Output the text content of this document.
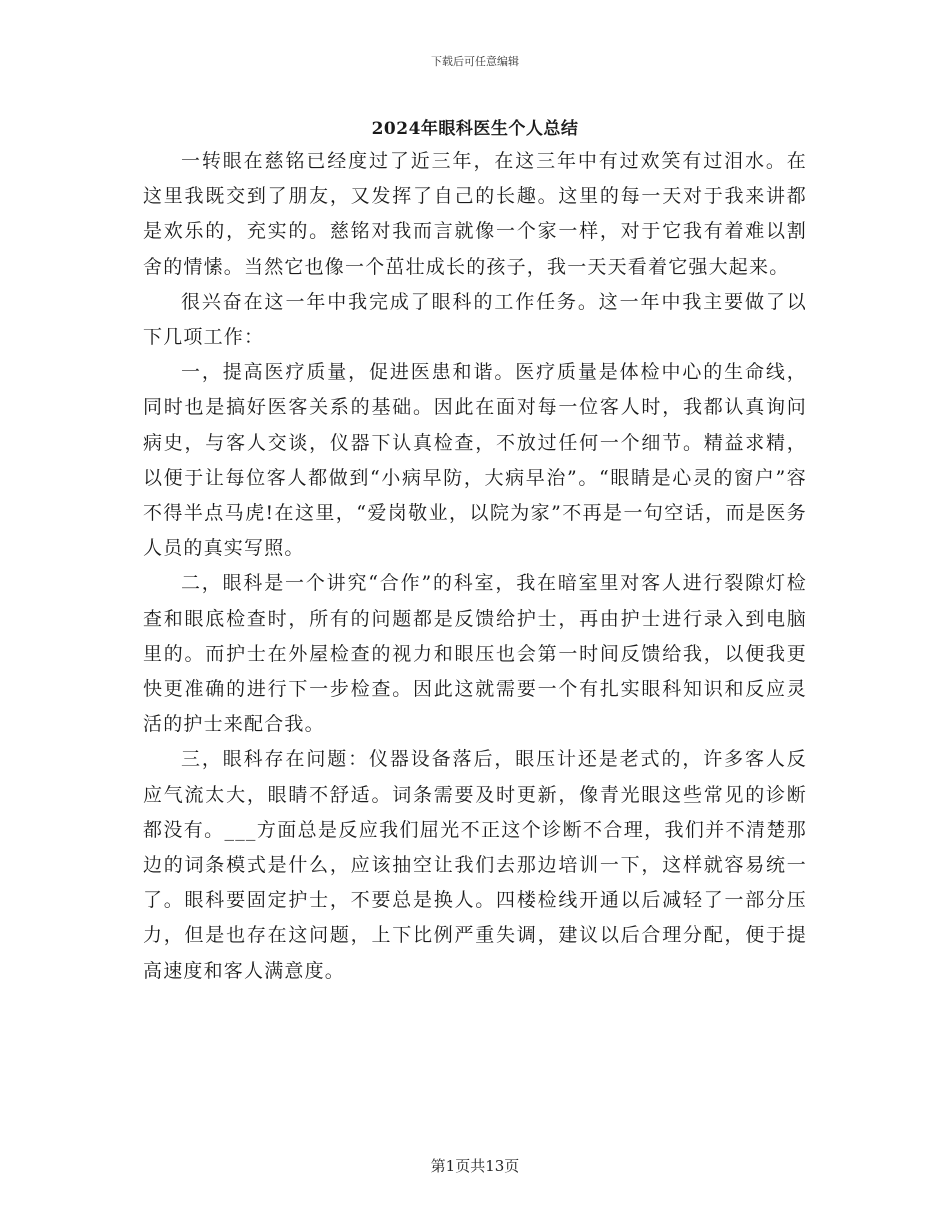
下载后可任意编辑
2024年眼科医生个人总结

一转眼在慈铭已经度过了近三年，在这三年中有过欢笑有过泪水。在这里我既交到了朋友，又发挥了自己的长趣。这里的每一天对于我来讲都是欢乐的，充实的。慈铭对我而言就像一个家一样，对于它我有着难以割舍的情愫。当然它也像一个茁壮成长的孩子，我一天天看着它强大起来。

很兴奋在这一年中我完成了眼科的工作任务。这一年中我主要做了以下几项工作：

一，提高医疗质量，促进医患和谐。医疗质量是体检中心的生命线，同时也是搞好医客关系的基础。因此在面对每一位客人时，我都认真询问病史，与客人交谈，仪器下认真检查，不放过任何一个细节。精益求精，以便于让每位客人都做到“小病早防，大病早治”。“眼睛是心灵的窗户”容不得半点马虎!在这里，“爱岗敬业，以院为家”不再是一句空话，而是医务人员的真实写照。

二，眼科是一个讲究“合作”的科室，我在暗室里对客人进行裂隙灯检查和眼底检查时，所有的问题都是反馈给护士，再由护士进行录入到电脑里的。而护士在外屋检查的视力和眼压也会第一时间反馈给我，以便我更快更准确的进行下一步检查。因此这就需要一个有扎实眼科知识和反应灵活的护士来配合我。

三，眼科存在问题：仪器设备落后，眼压计还是老式的，许多客人反应气流太大，眼睛不舒适。词条需要及时更新，像青光眼这些常见的诊断都没有。___方面总是反应我们屈光不正这个诊断不合理，我们并不清楚那边的词条模式是什么，应该抽空让我们去那边培训一下，这样就容易统一了。眼科要固定护士，不要总是换人。四楼检线开通以后减轻了一部分压力，但是也存在这问题，上下比例严重失调，建议以后合理分配，便于提高速度和客人满意度。

第1页共13页
